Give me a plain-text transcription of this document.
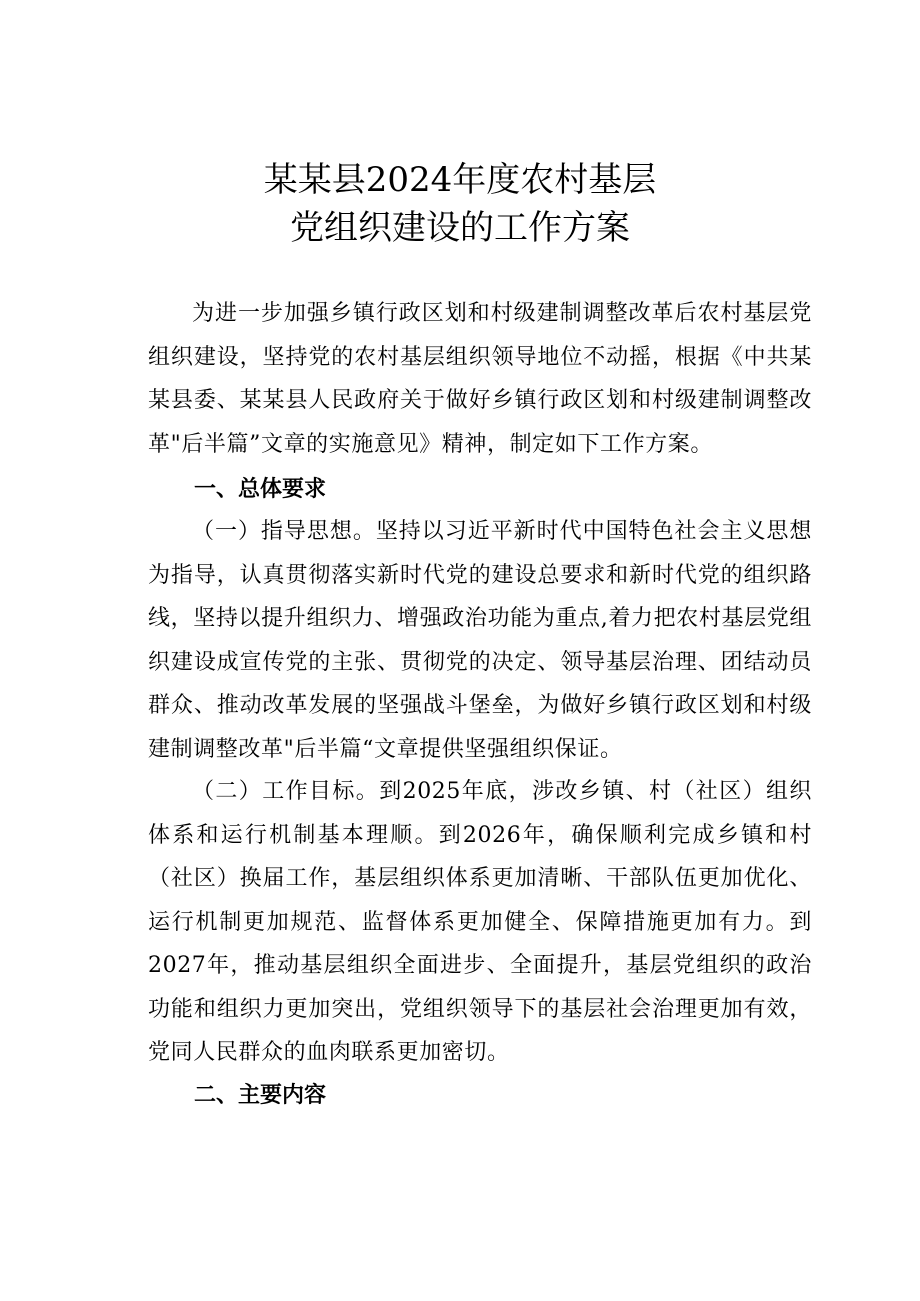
某某县2024年度农村基层
党组织建设的工作方案

为进一步加强乡镇行政区划和村级建制调整改革后农村基层党组织建设，坚持党的农村基层组织领导地位不动摇，根据《中共某某县委、某某县人民政府关于做好乡镇行政区划和村级建制调整改革"后半篇”文章的实施意见》精神，制定如下工作方案。

一、总体要求

（一）指导思想。坚持以习近平新时代中国特色社会主义思想为指导，认真贯彻落实新时代党的建设总要求和新时代党的组织路线，坚持以提升组织力、增强政治功能为重点,着力把农村基层党组织建设成宣传党的主张、贯彻党的决定、领导基层治理、团结动员群众、推动改革发展的坚强战斗堡垒，为做好乡镇行政区划和村级建制调整改革"后半篇“文章提供坚强组织保证。

（二）工作目标。到2025年底，涉改乡镇、村（社区）组织体系和运行机制基本理顺。到2026年，确保顺利完成乡镇和村（社区）换届工作，基层组织体系更加清晰、干部队伍更加优化、运行机制更加规范、监督体系更加健全、保障措施更加有力。到2027年，推动基层组织全面进步、全面提升，基层党组织的政治功能和组织力更加突出，党组织领导下的基层社会治理更加有效，党同人民群众的血肉联系更加密切。

二、主要内容
